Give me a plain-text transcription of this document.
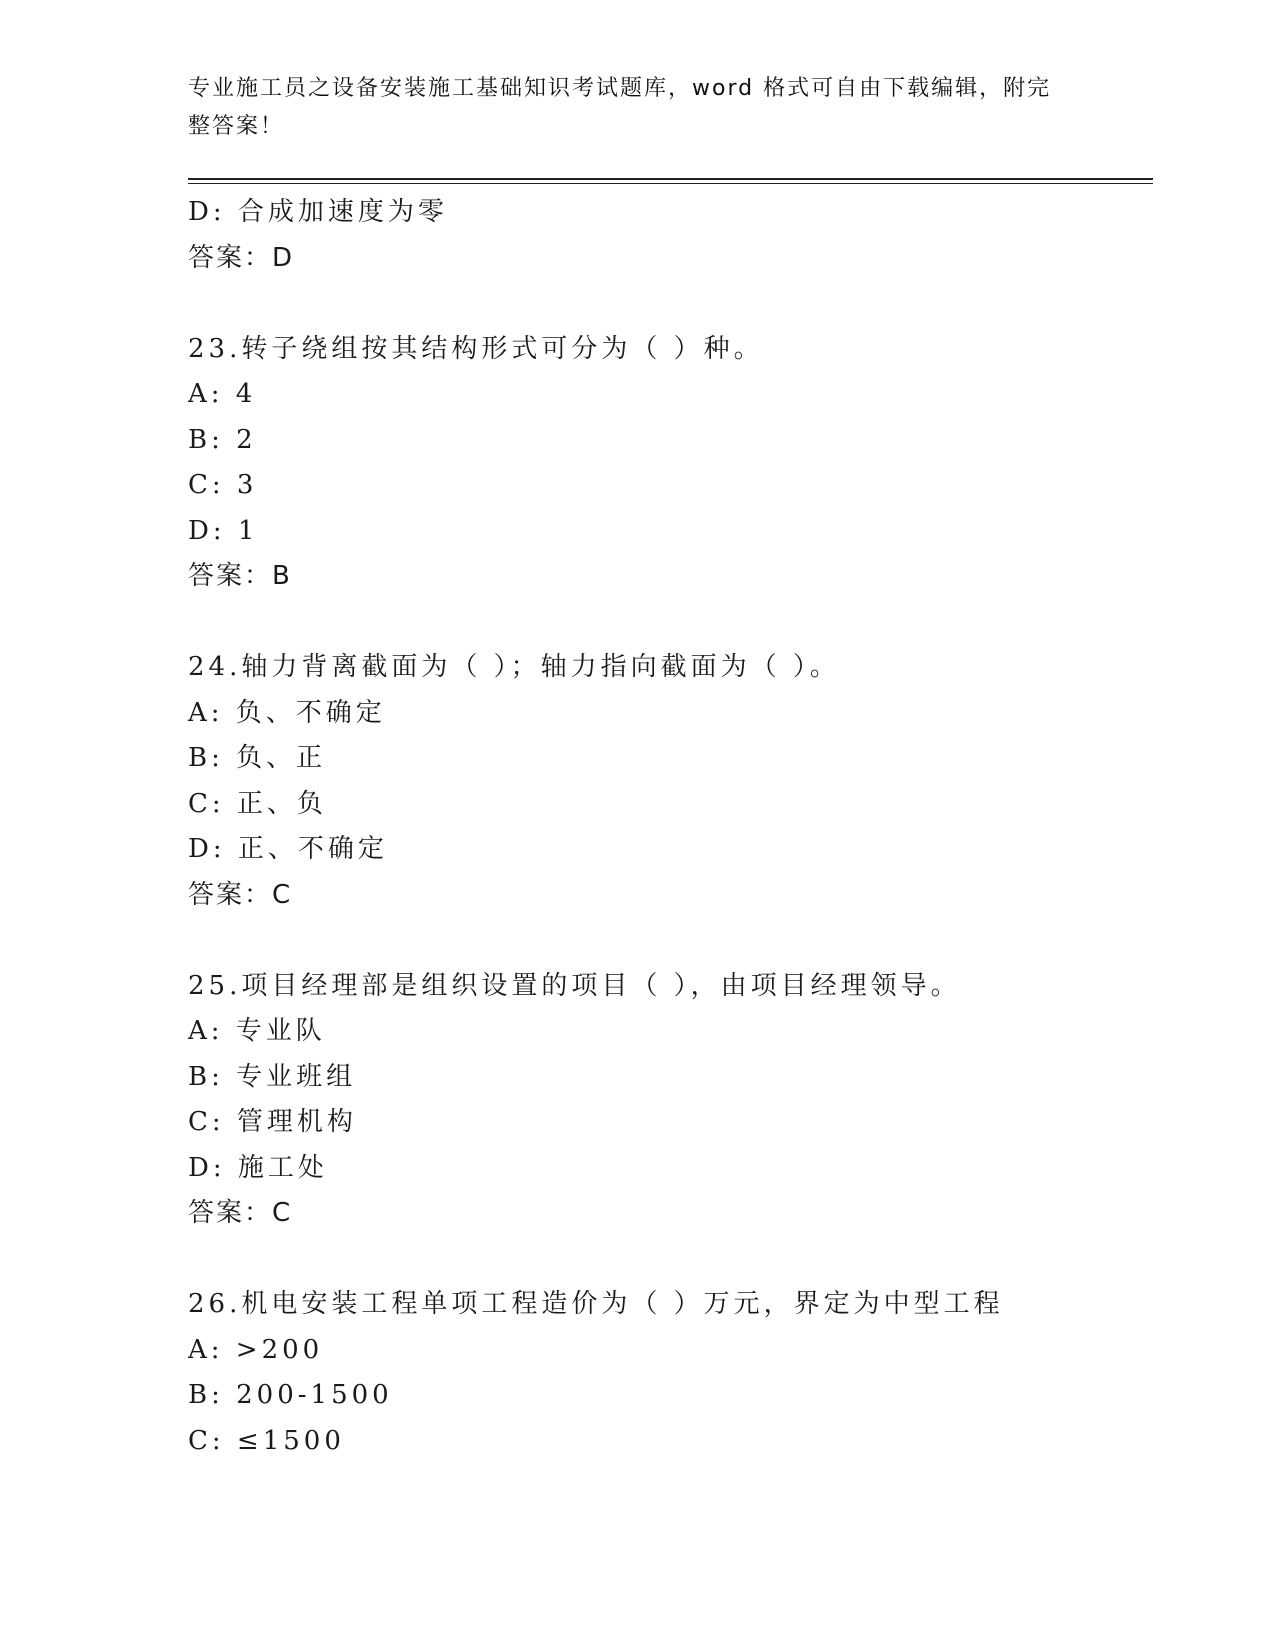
专业施工员之设备安装施工基础知识考试题库，word 格式可自由下载编辑，附完
整答案！
D: 合成加速度为零
答案：D
23.转子绕组按其结构形式可分为（ ）种。
A: 4
B: 2
C: 3
D: 1
答案：B
24.轴力背离截面为（ ）；轴力指向截面为（ ）。
A: 负、不确定
B: 负、正
C: 正、负
D: 正、不确定
答案：C
25.项目经理部是组织设置的项目（ ），由项目经理领导。
A: 专业队
B: 专业班组
C: 管理机构
D: 施工处
答案：C
26.机电安装工程单项工程造价为（ ）万元，界定为中型工程
A: >200
B: 200-1500
C: ≤1500
